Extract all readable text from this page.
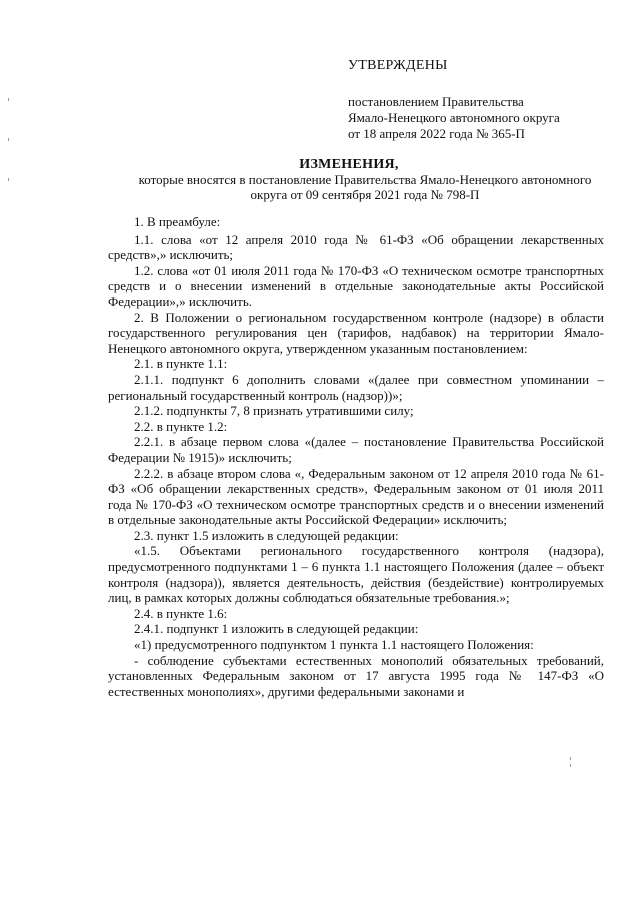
УТВЕРЖДЕНЫ
постановлением Правительства
Ямало-Ненецкого автономного округа
от 18 апреля 2022 года № 365-П
ИЗМЕНЕНИЯ,
которые вносятся в постановление Правительства Ямало-Ненецкого автономного округа от 09 сентября 2021 года № 798-П

1. В преамбуле:

1.1. слова «от 12 апреля 2010 года № 61-ФЗ «Об обращении лекарственных средств»,» исключить;

1.2. слова «от 01 июля 2011 года № 170-ФЗ «О техническом осмотре транспортных средств и о внесении изменений в отдельные законодательные акты Российской Федерации»,» исключить.

2. В Положении о региональном государственном контроле (надзоре) в области государственного регулирования цен (тарифов, надбавок) на территории Ямало-Ненецкого автономного округа, утвержденном указанным постановлением:

2.1. в пункте 1.1:

2.1.1. подпункт 6 дополнить словами «(далее при совместном упоминании – региональный государственный контроль (надзор))»;

2.1.2. подпункты 7, 8 признать утратившими силу;

2.2. в пункте 1.2:

2.2.1. в абзаце первом слова «(далее – постановление Правительства Российской Федерации № 1915)» исключить;

2.2.2. в абзаце втором слова «, Федеральным законом от 12 апреля 2010 года № 61-ФЗ «Об обращении лекарственных средств», Федеральным законом от 01 июля 2011 года № 170-ФЗ «О техническом осмотре транспортных средств и о внесении изменений в отдельные законодательные акты Российской Федерации» исключить;

2.3. пункт 1.5 изложить в следующей редакции:

«1.5. Объектами регионального государственного контроля (надзора), предусмотренного подпунктами 1 – 6 пункта 1.1 настоящего Положения (далее – объект контроля (надзора)), является деятельность, действия (бездействие) контролируемых лиц, в рамках которых должны соблюдаться обязательные требования.»;

2.4. в пункте 1.6:

2.4.1. подпункт 1 изложить в следующей редакции:

«1) предусмотренного подпунктом 1 пункта 1.1 настоящего Положения:

- соблюдение субъектами естественных монополий обязательных требований, установленных Федеральным законом от 17 августа 1995 года № 147-ФЗ «О естественных монополиях», другими федеральными законами и
